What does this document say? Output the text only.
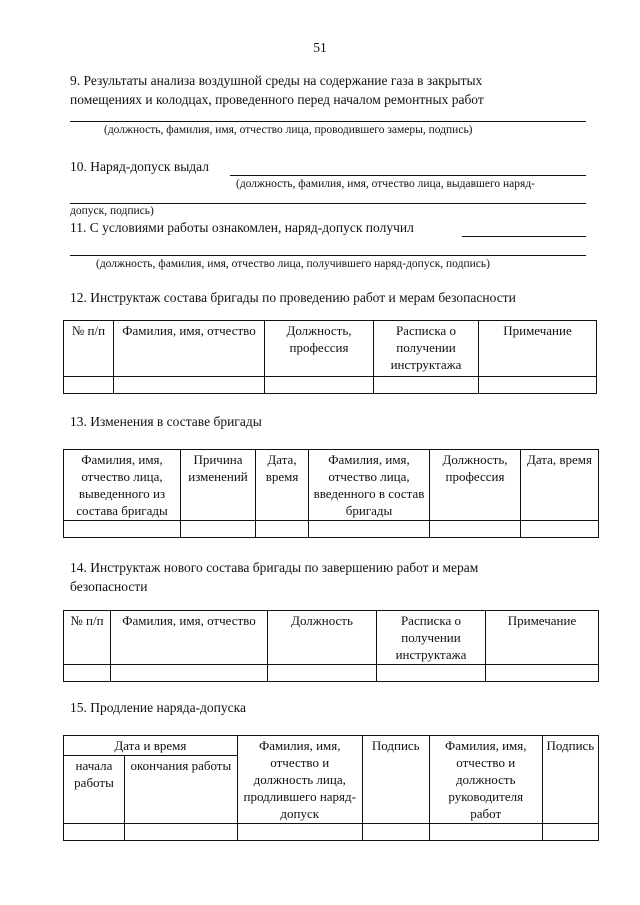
51
9. Результаты анализа воздушной среды на содержание газа в закрытых
помещениях и колодцах, проведенного перед началом ремонтных работ
(должность, фамилия, имя, отчество лица, проводившего замеры, подпись)
10. Наряд-допуск выдал
(должность, фамилия, имя, отчество лица, выдавшего наряд-
допуск, подпись)
11. С условиями работы ознакомлен, наряд-допуск получил
(должность, фамилия, имя, отчество лица, получившего наряд-допуск, подпись)
12. Инструктаж состава бригады по проведению работ и мерам безопасности
№ п/п	Фамилия, имя, отчество	Должность, профессия	Расписка о получении инструктажа	Примечание

13. Изменения в составе бригады
Фамилия, имя, отчество лица, выведенного из состава бригады	Причина изменений	Дата, время	Фамилия, имя, отчество лица, введенного в состав бригады	Должность, профессия	Дата, время

14. Инструктаж нового состава бригады по завершению работ и мерам
безопасности
№ п/п	Фамилия, имя, отчество	Должность	Расписка о получении инструктажа	Примечание

15. Продление наряда-допуска
Дата и время		Фамилия, имя, отчество и должность лица, продлившего наряд-допуск	Подпись	Фамилия, имя, отчество и должность руководителя работ	Подпись
начала работы	окончания работы				
